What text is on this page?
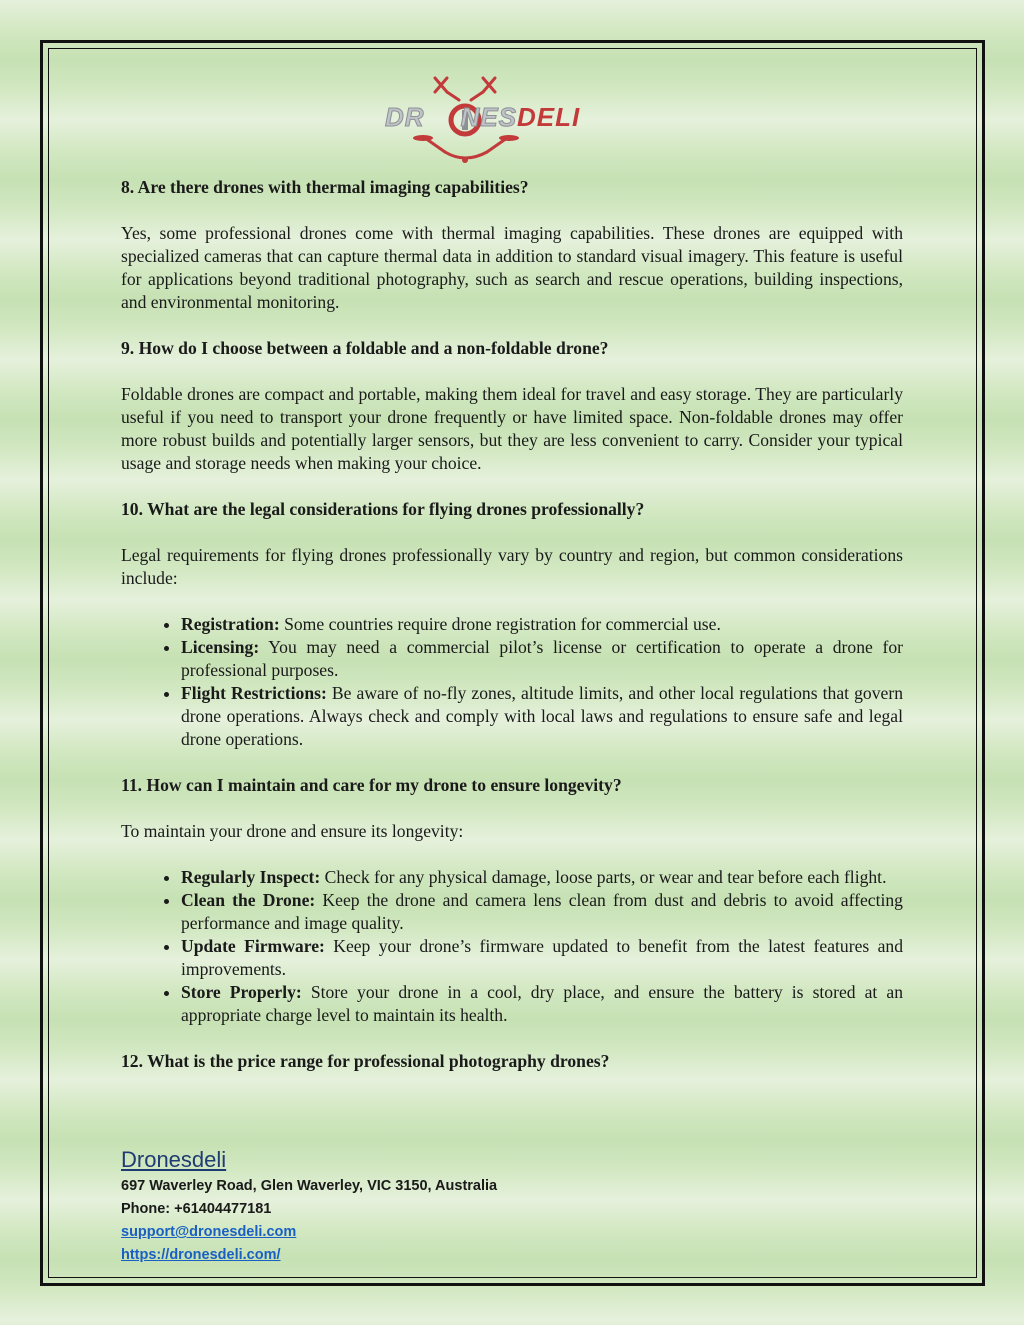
DR NESDELI
8. Are there drones with thermal imaging capabilities?

Yes, some professional drones come with thermal imaging capabilities. These drones are equipped with specialized cameras that can capture thermal data in addition to standard visual imagery. This feature is useful for applications beyond traditional photography, such as search and rescue operations, building inspections, and environmental monitoring.

9. How do I choose between a foldable and a non-foldable drone?

Foldable drones are compact and portable, making them ideal for travel and easy storage. They are particularly useful if you need to transport your drone frequently or have limited space. Non-foldable drones may offer more robust builds and potentially larger sensors, but they are less convenient to carry. Consider your typical usage and storage needs when making your choice.

10. What are the legal considerations for flying drones professionally?

Legal requirements for flying drones professionally vary by country and region, but common considerations include:

• Registration: Some countries require drone registration for commercial use.
• Licensing: You may need a commercial pilot’s license or certification to operate a drone for professional purposes.
• Flight Restrictions: Be aware of no-fly zones, altitude limits, and other local regulations that govern drone operations. Always check and comply with local laws and regulations to ensure safe and legal drone operations.
11. How can I maintain and care for my drone to ensure longevity?

To maintain your drone and ensure its longevity:

• Regularly Inspect: Check for any physical damage, loose parts, or wear and tear before each flight.
• Clean the Drone: Keep the drone and camera lens clean from dust and debris to avoid affecting performance and image quality.
• Update Firmware: Keep your drone’s firmware updated to benefit from the latest features and improvements.
• Store Properly: Store your drone in a cool, dry place, and ensure the battery is stored at an appropriate charge level to maintain its health.
12. What is the price range for professional photography drones?
Dronesdeli
697 Waverley Road, Glen Waverley, VIC 3150, Australia
Phone: +61404477181
support@dronesdeli.com
https://dronesdeli.com/
